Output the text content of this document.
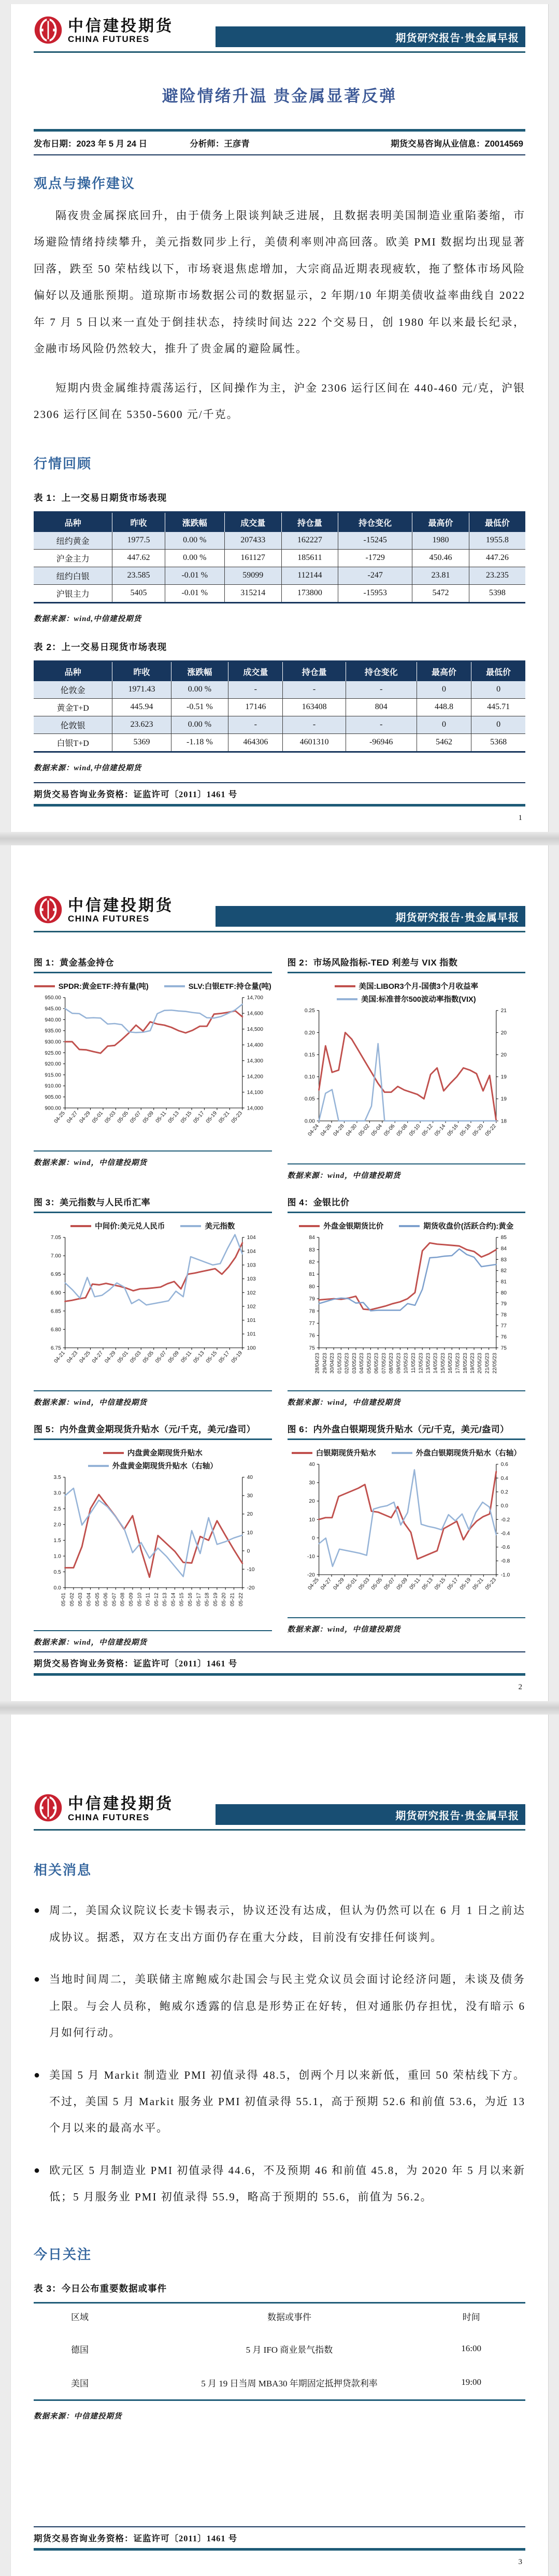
中信建投期货
CHINA FUTURES	期货研究报告·贵金属早报
避险情绪升温 贵金属显著反弹
发布日期：2023 年 5 月 24 日	分析师：王彦青	期货交易咨询从业信息：Z0014569
观点与操作建议

隔夜贵金属探底回升，由于债务上限谈判缺乏进展，且数据表明美国制造业重陷萎缩，市场避险情绪持续攀升，美元指数同步上行，美债利率则冲高回落。欧美 PMI 数据均出现显著回落，跌至 50 荣枯线以下，市场衰退焦虑增加，大宗商品近期表现疲软，拖了整体市场风险偏好以及通胀预期。道琼斯市场数据公司的数据显示，2 年期/10 年期美债收益率曲线自 2022 年 7 月 5 日以来一直处于倒挂状态，持续时间达 222 个交易日，创 1980 年以来最长纪录，金融市场风险仍然较大，推升了贵金属的避险属性。

短期内贵金属维持震荡运行，区间操作为主，沪金 2306 运行区间在 440-460 元/克，沪银 2306 运行区间在 5350-5600 元/千克。

行情回顾
表 1：上一交易日期货市场表现
品种	昨收	涨跌幅	成交量	持仓量	持仓变化	最高价	最低价
纽约黄金	1977.5	0.00 %	207433	162227	-15245	1980	1955.8
沪金主力	447.62	0.00 %	161127	185611	-1729	450.46	447.26
纽约白银	23.585	-0.01 %	59099	112144	-247	23.81	23.235
沪银主力	5405	-0.01 %	315214	173800	-15953	5472	5398
数据来源：wind,中信建投期货
表 2：上一交易日现货市场表现
品种	昨收	涨跌幅	成交量	持仓量	持仓变化	最高价	最低价
伦敦金	1971.43	0.00 %	-	-	-	0	0
黄金T+D	445.94	-0.51 %	17146	163408	804	448.8	445.71
伦敦银	23.623	0.00 %	-	-	-	0	0
白银T+D	5369	-1.18 %	464306	4601310	-96946	5462	5368
数据来源：wind,中信建投期货
期货交易咨询业务资格：证监许可〔2011〕1461 号
1
中信建投期货
CHINA FUTURES	期货研究报告·贵金属早报
图 1：黄金基金持仓
SPDR:黄金ETF:持有量(吨)	SLV:白银ETF:持仓量(吨)
950.00
945.00
940.00
935.00
930.00
925.00
920.00
915.00
910.00
905.00
900.00
14,700
14,600
14,500
14,400
14,300
14,200
14,100
14,000
04-25 04-27 04-29 05-01 05-03 05-05 05-07 05-09 05-11 05-13 05-15 05-17 05-19 05-21 05-23
数据来源：wind，中信建投期货
图 2：市场风险指标-TED 利差与 VIX 指数
美国:LIBOR3个月-国债3个月收益率
美国:标准普尔500波动率指数(VIX)
0.25
0.20
0.15
0.10
0.05
0.00
21
20
20
19
19
18
04-24 04-26 04-28 04-30 05-02 05-04 05-06 05-08 05-10 05-12 05-14 05-16 05-18 05-20 05-22
数据来源：wind，中信建投期货
图 3：美元指数与人民币汇率
中间价:美元兑人民币	美元指数
7.05
7.00
6.95
6.90
6.85
6.80
6.75
104
104
103
103
102
102
101
101
100
04-21 04-23 04-25 04-27 04-29 05-01 05-03 05-05 05-07 05-09 05-11 05-13 05-15 05-17 05-19
数据来源：wind，中信建投期货
图 4：金银比价
外盘金银期货比价	期货收盘价(活跃合约):黄金
84
83
82
81
80
79
78
77
76
75
85
84
83
82
81
80
79
78
77
76
75
28/04/23 29/04/23 30/04/23 01/05/23 02/05/23 03/05/23 04/05/23 05/05/23 06/05/23 07/05/23 08/05/23 09/05/23 10/05/23 11/05/23 12/05/23 13/05/23 14/05/23 15/05/23 16/05/23 17/05/23 18/05/23 19/05/23 20/05/23 21/05/23 22/05/23
数据来源：wind，中信建投期货
图 5：内外盘黄金期现货升贴水（元/千克，美元/盎司）
内盘黄金期现货升贴水
外盘黄金期现货升贴水（右轴）
3.5
3.0
2.5
2.0
1.5
1.0
0.5
0.0
40
30
20
10
0
-10
-20
05-01 05-02 05-03 05-04 05-05 05-06 05-07 05-08 05-09 05-10 05-11 05-12 05-13 05-14 05-15 05-16 05-17 05-18 05-19 05-20 05-21 05-22
数据来源：wind，中信建投期货
图 6：内外盘白银期现货升贴水（元/千克，美元/盎司）
白银期现货升贴水	外盘白银期现货升贴水（右轴）
40
30
20
10
0
-10
-20
0.6
0.4
0.2
0.0
-0.2
-0.4
-0.6
-0.8
-1.0
04-25 04-27 04-29 05-01 05-03 05-05 05-07 05-09 05-11 05-13 05-15 05-17 05-19 05-21 05-23
数据来源：wind，中信建投期货
期货交易咨询业务资格：证监许可〔2011〕1461 号
2
中信建投期货
CHINA FUTURES	期货研究报告·贵金属早报
相关消息
● 周二，美国众议院议长麦卡锡表示，协议还没有达成，但认为仍然可以在 6 月 1 日之前达成协议。据悉，双方在支出方面仍存在重大分歧，目前没有安排任何谈判。

● 当地时间周二，美联储主席鲍威尔赴国会与民主党众议员会面讨论经济问题，未谈及债务上限。与会人员称，鲍威尔透露的信息是形势正在好转，但对通胀仍存担忧，没有暗示 6 月如何行动。

● 美国 5 月 Markit 制造业 PMI 初值录得 48.5，创两个月以来新低，重回 50 荣枯线下方。不过，美国 5 月 Markit 服务业 PMI 初值录得 55.1，高于预期 52.6 和前值 53.6，为近 13 个月以来的最高水平。

● 欧元区 5 月制造业 PMI 初值录得 44.6，不及预期 46 和前值 45.8，为 2020 年 5 月以来新低；5 月服务业 PMI 初值录得 55.9，略高于预期的 55.6，前值为 56.2。

今日关注
表 3：今日公布重要数据或事件
区域	数据或事件	时间
德国	5 月 IFO 商业景气指数	16:00
美国	5 月 19 日当周 MBA30 年期固定抵押贷款利率	19:00
数据来源：中信建投期货
期货交易咨询业务资格：证监许可〔2011〕1461 号
3
